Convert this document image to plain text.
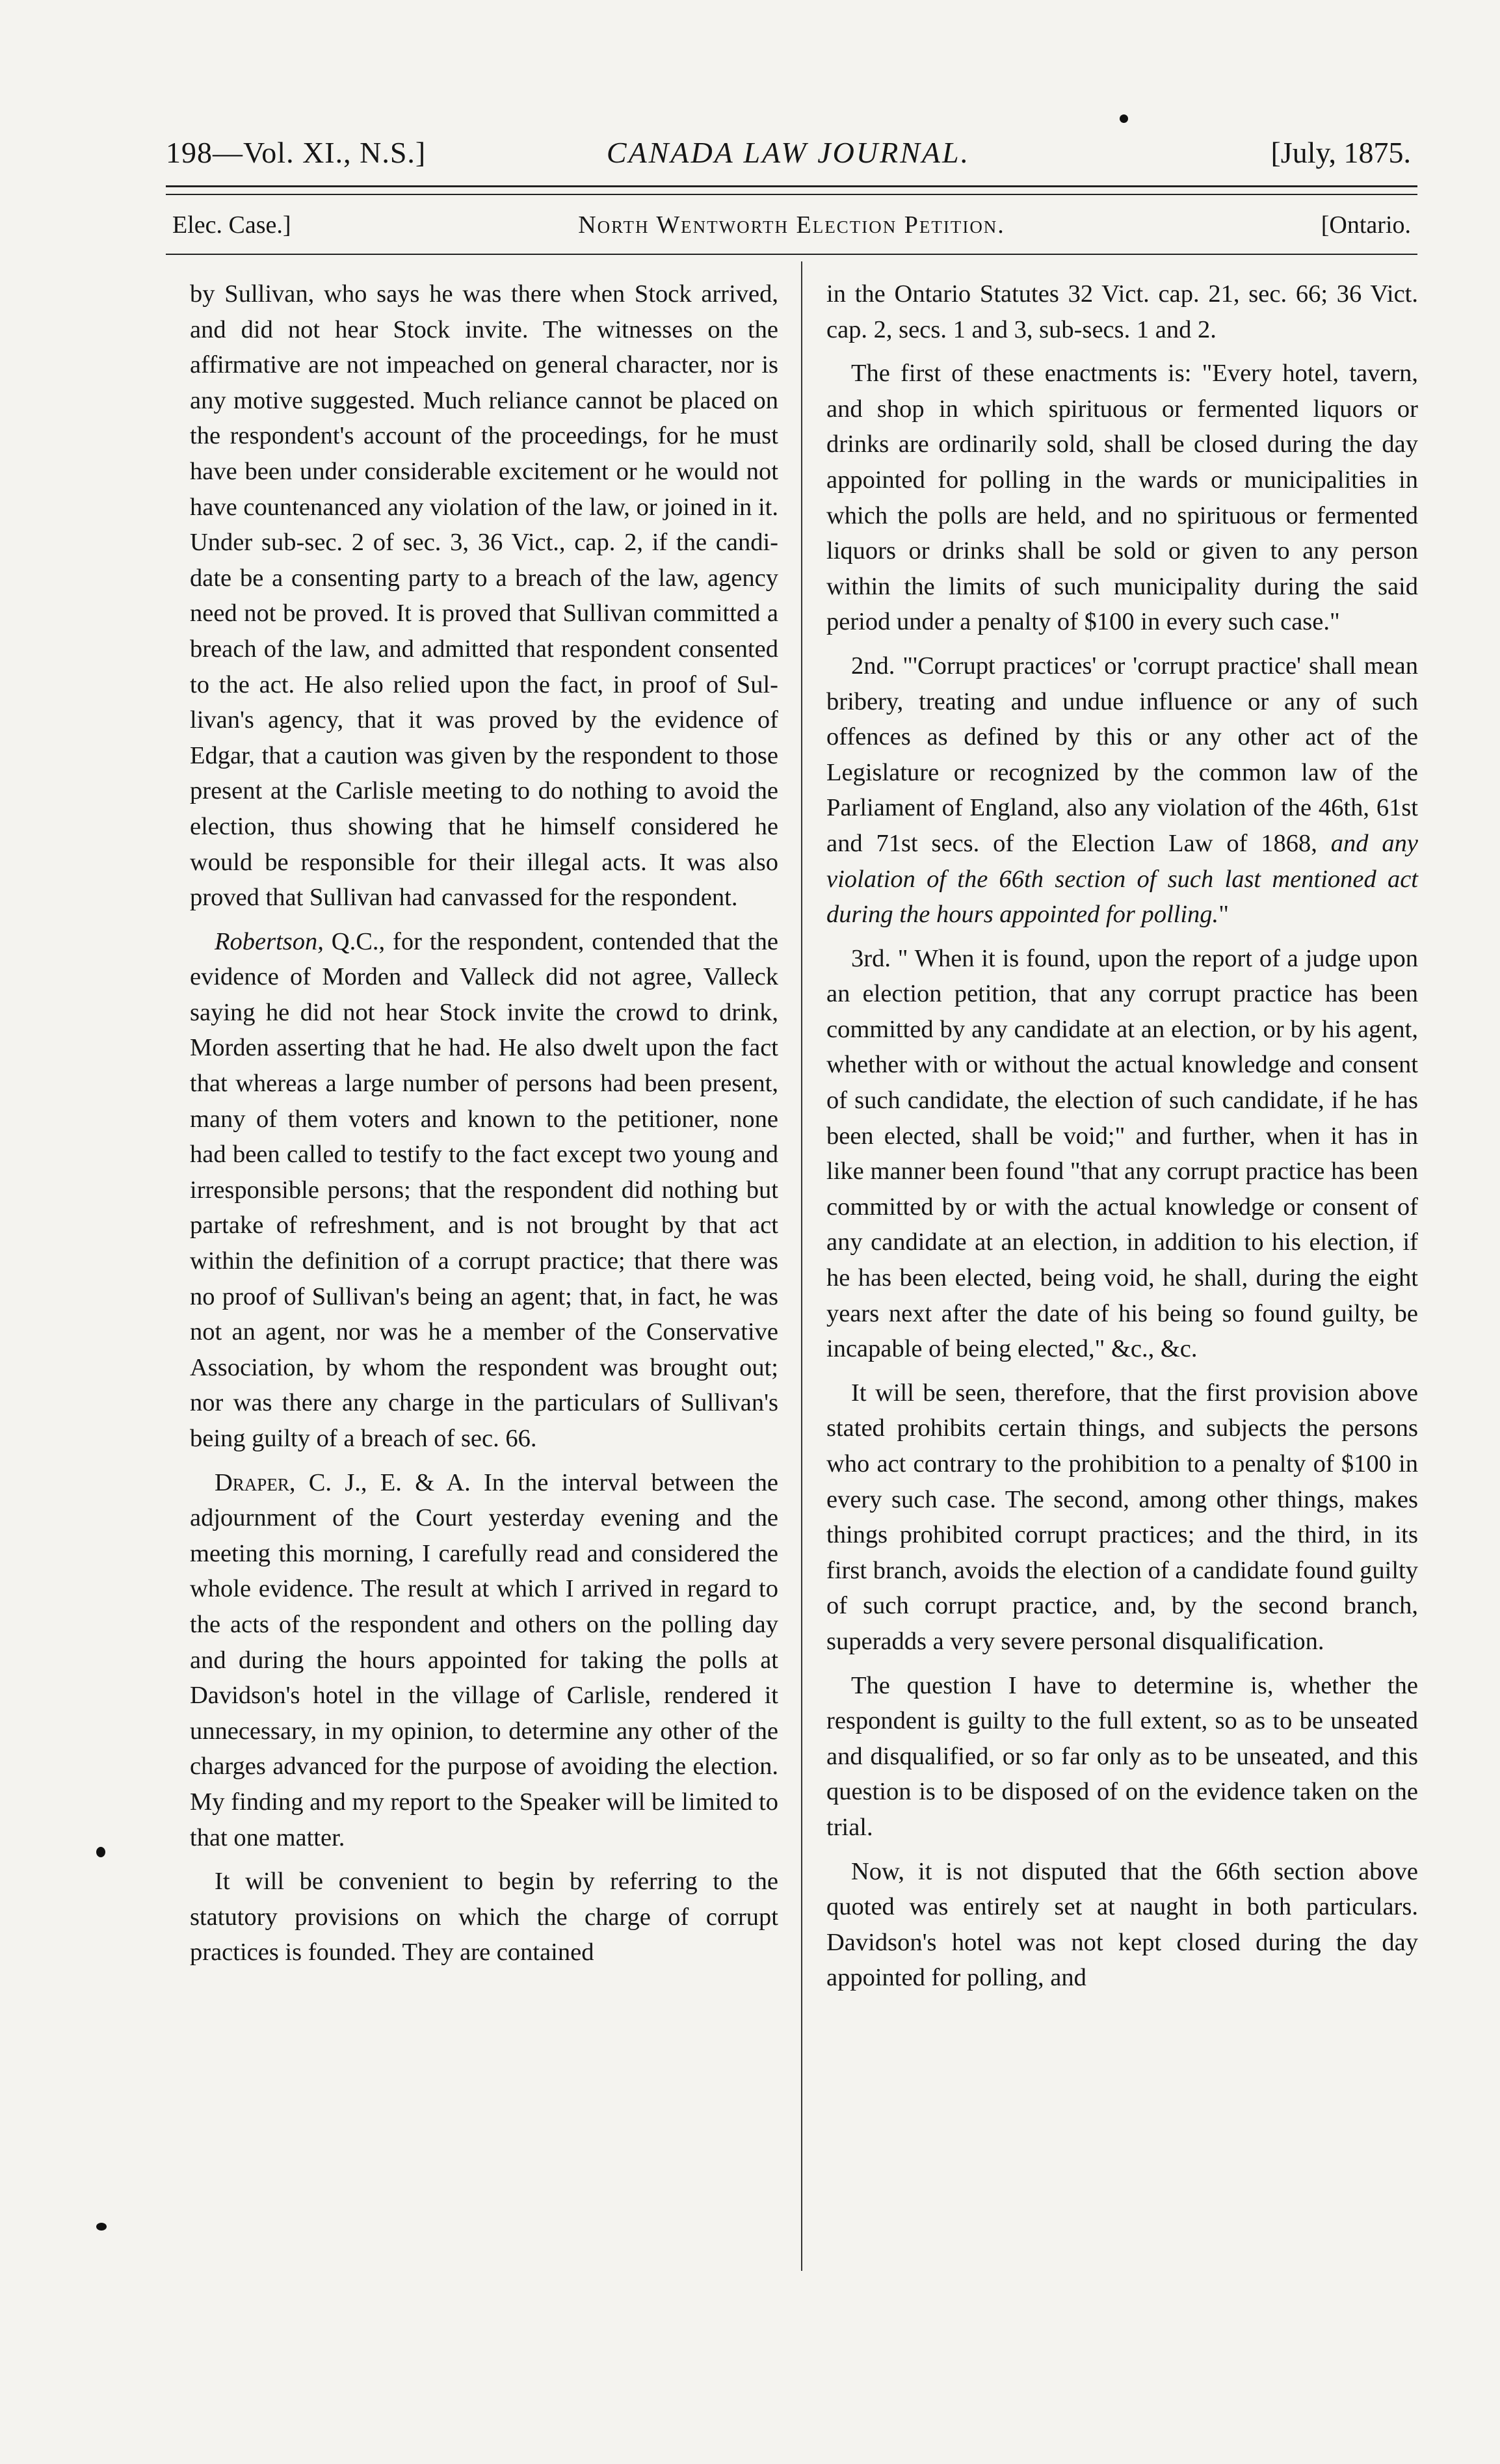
198—Vol. XI., N.S.]	CANADA LAW JOURNAL.	[July, 1875.
Elec. Case.]	North Wentworth Election Petition.	[Ontario.

by Sullivan, who says he was there when Stock arrived, and did not hear Stock invite. The witnesses on the affirmative are not impeached on general character, nor is any motive suggested. Much reliance cannot be placed on the respondent's account of the proceedings, for he must have been under considerable excitement or he would not have countenanced any violation of the law, or joined in it. Under sub-sec. 2 of sec. 3, 36 Vict., cap. 2, if the candidate be a consenting party to a breach of the law, agency need not be proved. It is proved that Sullivan committed a breach of the law, and admitted that respondent consented to the act. He also relied upon the fact, in proof of Sullivan's agency, that it was proved by the evidence of Edgar, that a caution was given by the respondent to those present at the Carlisle meeting to do nothing to avoid the election, thus showing that he himself considered he would be responsible for their illegal acts. It was also proved that Sullivan had canvassed for the respondent.

Robertson, Q.C., for the respondent, contended that the evidence of Morden and Valleck did not agree, Valleck saying he did not hear Stock invite the crowd to drink, Morden asserting that he had. He also dwelt upon the fact that whereas a large number of persons had been present, many of them voters and known to the petitioner, none had been called to testify to the fact except two young and irresponsible persons; that the respondent did nothing but partake of refreshment, and is not brought by that act within the definition of a corrupt practice; that there was no proof of Sullivan's being an agent; that, in fact, he was not an agent, nor was he a member of the Conservative Association, by whom the respondent was brought out; nor was there any charge in the particulars of Sullivan's being guilty of a breach of sec. 66.

Draper, C. J., E. & A. In the interval between the adjournment of the Court yesterday evening and the meeting this morning, I carefully read and considered the whole evidence. The result at which I arrived in regard to the acts of the respondent and others on the polling day and during the hours appointed for taking the polls at Davidson's hotel in the village of Carlisle, rendered it unnecessary, in my opinion, to determine any other of the charges advanced for the purpose of avoiding the election. My finding and my report to the Speaker will be limited to that one matter.

It will be convenient to begin by referring to the statutory provisions on which the charge of corrupt practices is founded. They are contained

in the Ontario Statutes 32 Vict. cap. 21, sec. 66; 36 Vict. cap. 2, secs. 1 and 3, sub-secs. 1 and 2.

The first of these enactments is: "Every hotel, tavern, and shop in which spirituous or fermented liquors or drinks are ordinarily sold, shall be closed during the day appointed for polling in the wards or municipalities in which the polls are held, and no spirituous or fermented liquors or drinks shall be sold or given to any person within the limits of such municipality during the said period under a penalty of $100 in every such case."

2nd. "'Corrupt practices' or 'corrupt practice' shall mean bribery, treating and undue influence or any of such offences as defined by this or any other act of the Legislature or recognized by the common law of the Parliament of England, also any violation of the 46th, 61st and 71st secs. of the Election Law of 1868, and any violation of the 66th section of such last mentioned act during the hours appointed for polling."

3rd. " When it is found, upon the report of a judge upon an election petition, that any corrupt practice has been committed by any candidate at an election, or by his agent, whether with or without the actual knowledge and consent of such candidate, the election of such candidate, if he has been elected, shall be void;" and further, when it has in like manner been found "that any corrupt practice has been committed by or with the actual knowledge or consent of any candidate at an election, in addition to his election, if he has been elected, being void, he shall, during the eight years next after the date of his being so found guilty, be incapable of being elected," &c., &c.

It will be seen, therefore, that the first provision above stated prohibits certain things, and subjects the persons who act contrary to the prohibition to a penalty of $100 in every such case. The second, among other things, makes things prohibited corrupt practices; and the third, in its first branch, avoids the election of a candidate found guilty of such corrupt practice, and, by the second branch, superadds a very severe personal disqualification.

The question I have to determine is, whether the respondent is guilty to the full extent, so as to be unseated and disqualified, or so far only as to be unseated, and this question is to be disposed of on the evidence taken on the trial.

Now, it is not disputed that the 66th section above quoted was entirely set at naught in both particulars. Davidson's hotel was not kept closed during the day appointed for polling, and
